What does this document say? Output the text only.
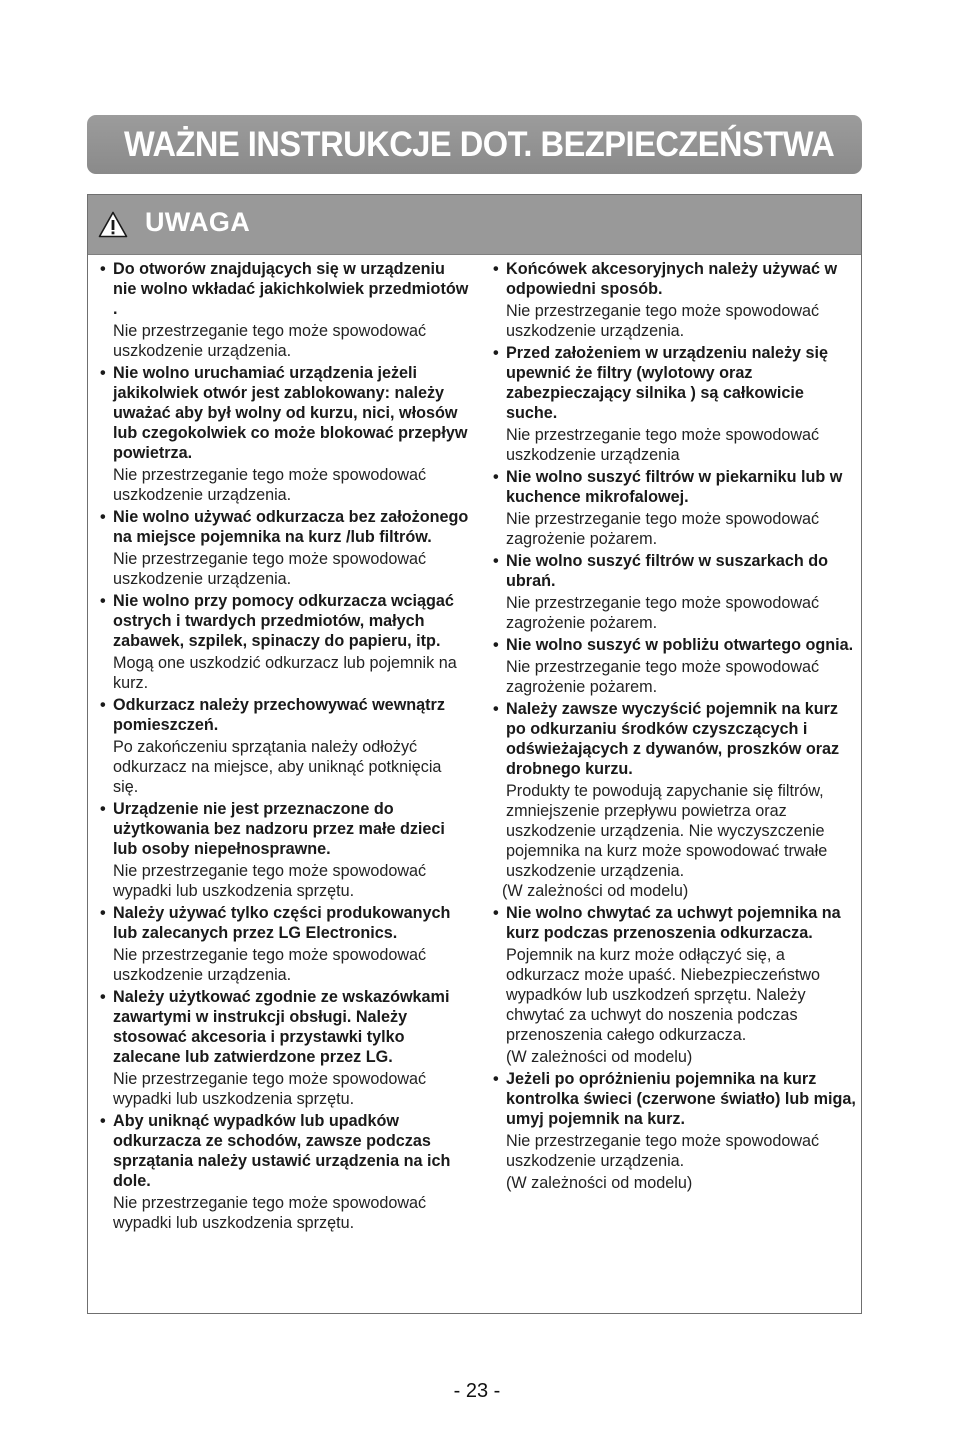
WAŻNE INSTRUKCJE DOT. BEZPIECZEŃSTWA
UWAGA

• Do otworów znajdujących się w urządzeniu nie wolno wkładać jakichkolwiek przedmiotów .

Nie przestrzeganie tego może spowodować uszkodzenie urządzenia.

• Nie wolno uruchamiać urządzenia jeżeli jakikolwiek otwór jest zablokowany: należy uważać aby był wolny od kurzu, nici, włosów lub czegokolwiek co może blokować przepływ powietrza.

Nie przestrzeganie tego może spowodować uszkodzenie urządzenia.

• Nie wolno używać odkurzacza bez założonego na miejsce pojemnika na kurz /lub filtrów.

Nie przestrzeganie tego może spowodować uszkodzenie urządzenia.

• Nie wolno przy pomocy odkurzacza wciągać ostrych i twardych przedmiotów, małych zabawek, szpilek, spinaczy do papieru, itp.

Mogą one uszkodzić odkurzacz lub pojemnik na kurz.

• Odkurzacz należy przechowywać wewnątrz pomieszczeń.

Po zakończeniu sprzątania należy odłożyć odkurzacz na miejsce, aby uniknąć potknięcia się.

• Urządzenie nie jest przeznaczone do użytkowania bez nadzoru przez małe dzieci lub osoby niepełnosprawne.

Nie przestrzeganie tego może spowodować wypadki lub uszkodzenia sprzętu.

• Należy używać tylko części produkowanych lub zalecanych przez LG Electronics.

Nie przestrzeganie tego może spowodować uszkodzenie urządzenia.

• Należy użytkować zgodnie ze wskazówkami zawartymi w instrukcji obsługi. Należy stosować akcesoria i przystawki tylko zalecane lub zatwierdzone przez LG.

Nie przestrzeganie tego może spowodować wypadki lub uszkodzenia sprzętu.

• Aby uniknąć wypadków lub upadków odkurzacza ze schodów, zawsze podczas sprzątania należy ustawić urządzenia na ich dole.

Nie przestrzeganie tego może spowodować wypadki lub uszkodzenia sprzętu.

• Końcówek akcesoryjnych należy używać w odpowiedni sposób.

Nie przestrzeganie tego może spowodować uszkodzenie urządzenia.

• Przed założeniem w urządzeniu należy się upewnić że filtry (wylotowy oraz zabezpieczający silnika ) są całkowicie suche.

Nie przestrzeganie tego może spowodować uszkodzenie urządzenia

• Nie wolno suszyć filtrów w piekarniku lub w kuchence mikrofalowej.

Nie przestrzeganie tego może spowodować zagrożenie pożarem.

• Nie wolno suszyć filtrów w suszarkach do ubrań.

Nie przestrzeganie tego może spowodować zagrożenie pożarem.

• Nie wolno suszyć w pobliżu otwartego ognia.

Nie przestrzeganie tego może spowodować zagrożenie pożarem.

• Należy zawsze wyczyścić pojemnik na kurz po odkurzaniu środków czyszczących i odświeżających z dywanów, proszków oraz drobnego kurzu.

Produkty te powodują zapychanie się filtrów, zmniejszenie przepływu powietrza oraz uszkodzenie urządzenia. Nie wyczyszczenie pojemnika na kurz może spowodować trwałe uszkodzenie urządzenia.

(W zależności od modelu)

• Nie wolno chwytać za uchwyt pojemnika na kurz podczas przenoszenia odkurzacza.

Pojemnik na kurz może odłączyć się, a odkurzacz może upaść. Niebezpieczeństwo wypadków lub uszkodzeń sprzętu. Należy chwytać za uchwyt do noszenia podczas przenoszenia całego odkurzacza.

(W zależności od modelu)

• Jeżeli po opróżnieniu pojemnika na kurz kontrolka świeci (czerwone światło) lub miga, umyj pojemnik na kurz.

Nie przestrzeganie tego może spowodować uszkodzenie urządzenia.

(W zależności od modelu)

- 23 -
